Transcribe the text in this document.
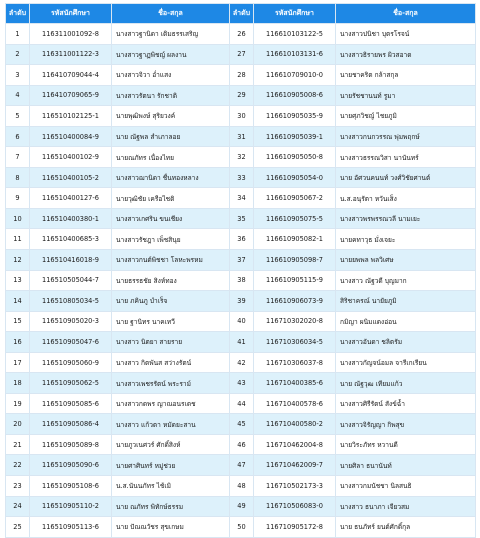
ลำดับ	รหัสนักศึกษา	ชื่อ-สกุล	ลำดับ	รหัสนักศึกษา	ชื่อ-สกุล
1	116311001092-8	นางสาวฐานิดา เติมธรรเสริญ	26	116610103122-5	นางสาวปนิชา บุตรโรจน์
2	116311001122-3	นางสาวฐาฏพิชญ์ ผลงาน	27	116610103131-6	นางสาวธิรายพร ผิวสอาด
3	116410709044-4	นางสาวจิวา อ่ำแสง	28	116610709010-0	นายชาคริต กล้าสกุล
4	116410709065-9	นางสาวรัตนา รักชาติ	29	116610905008-6	นายรัชชานนท์ รูมา
5	116510102125-1	นายพุฒิพงษ์ สุริยวงค์	30	116610905035-9	นายศุภวิชญ์ ไชยภูมิ
6	116510400084-9	นาย ณัฐพล สำเภาลอย	31	116610905039-1	นางสาวกนกวรรณ พุ่มพฤกษ์
7	116510400102-9	นายณภัทร เนื่องไทย	32	116610905050-8	นางสาวธรรณวิสา นานันทร์
8	116510400105-2	นางสาวฌานิดา ชื่นทองหลาง	33	116610905054-0	นาย อัศวนคนนท์ วงศ์วิชัยศานต์
9	116510400127-6	นายวุฒิชัย เครือไชติ	34	116610905067-2	น.ส.อนุรัตา หวันเส็ง
10	116510400380-1	นางสาวเกศริน ขนเชียง	35	116610905075-5	นางสาวพรพรรณวลี นามเยะ
11	116510400685-3	นางสาวรัชฎา เพ็ชสินุย	36	116610905082-1	นายคทาวุธ มั่งเจยะ
12	116510416018-9	นางสาวกนต์พิชชา โลหะพรหม	37	116610905098-7	นายยพพล พลวิเศษ
13	116510505044-7	นายธรรธชัย สิงห์ทอง	38	116610905115-9	นางสาว ณัฐวดี บุญมาก
14	116510805034-5	นาย ภคินภู บำเร็จ	39	116610906073-9	สิริชาครณ์ นายัยภูมิ
15	116510905020-3	นาย ฐานิทร นาคเทวี	40	116710302020-8	กมิญา ผนิมแดงอ่อน
16	116510905047-6	นางสาว นิตยา สายราย	41	116710306034-5	นางสาวอันดา ชลิตรัม
17	116510905060-9	นางสาว กิตพันส สว่างรัตน์	42	116710306037-8	นางสาวกัญจน์อมล จารีเกเรียน
18	116510905062-5	นางสาวเพชรรัตน์ พระราม์	43	116710400385-6	นาย ณัฐวุฒ เทียมแก้ว
19	116510905085-6	นางสาวกดพร ญาณอนรเดช	44	116710400578-6	นางสาวศิรีรัตน์ สังข์ฉ้ำ
20	116510905086-4	นางสาว แก้วตา หมัดยะสาน	45	116710400580-2	นางสาวจิรัญญา กิพสุข
21	116510905089-8	นายภูวเนศวร์ ศักดิ์สิงห์	46	116710462004-8	นายวิระภัทร หวานดี
22	116510905090-6	นายศาศินทร์ หมู่ช่วย	47	116710462009-7	นายศิลา ธนานันท์
23	116510905108-6	น.ส.นันนภัทร ไช้เมิ	48	116710502173-3	นางสาวกมนัชชา นิลสนธิ
24	116510905110-2	นาย ณภัทร พิทักษ์ธรรม	49	116710506083-0	นางสาว ธนาภา เจียวสม
25	116510905113-6	นาย ปัณณวัชร สุขเกษม	50	116710905172-8	นาย ธนภัทร์ ยนต์ศักดิ์กุล
